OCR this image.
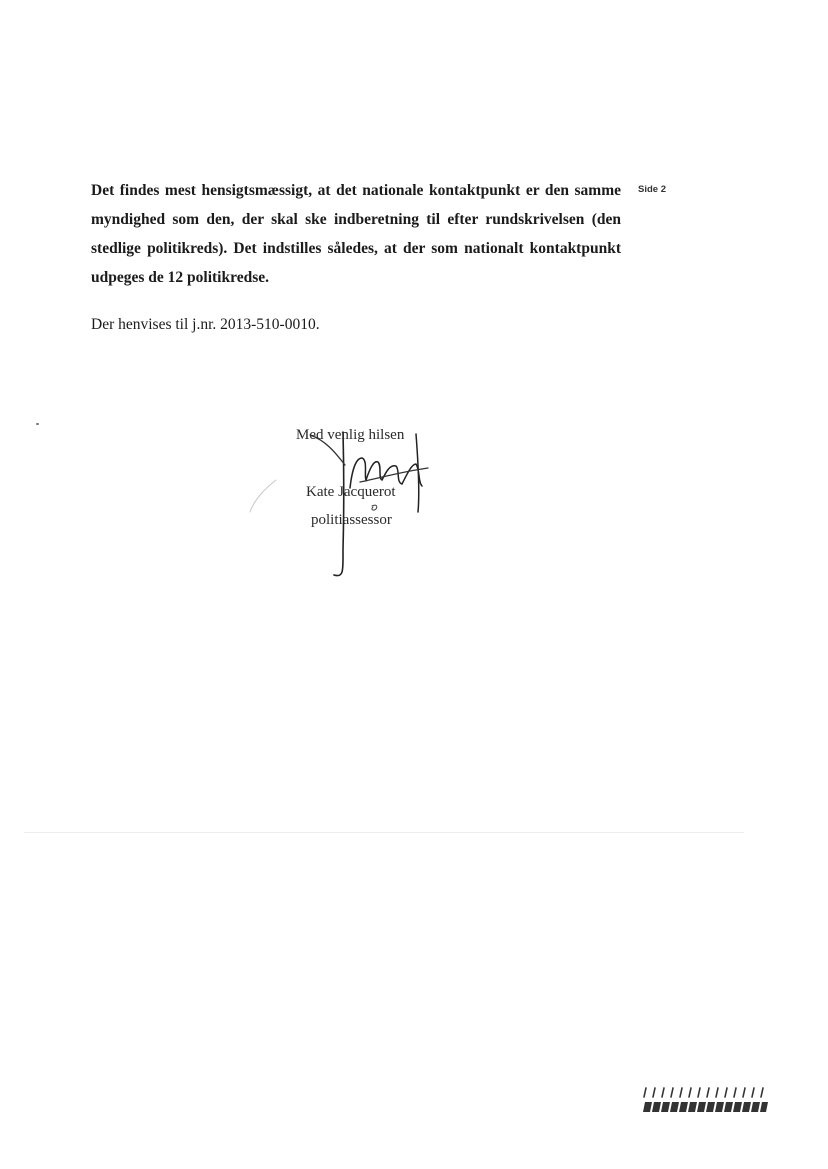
Det findes mest hensigtsmæssigt, at det nationale kontaktpunkt er den samme myndighed som den, der skal ske indberetning til efter rundskrivelsen (den stedlige politikreds). Det indstilles således, at der som nationalt kontaktpunkt udpeges de 12 politikredse.

Side 2

Der henvises til j.nr. 2013-510-0010.

Med venlig hilsen
Kate Jacquerot
politiassessor
